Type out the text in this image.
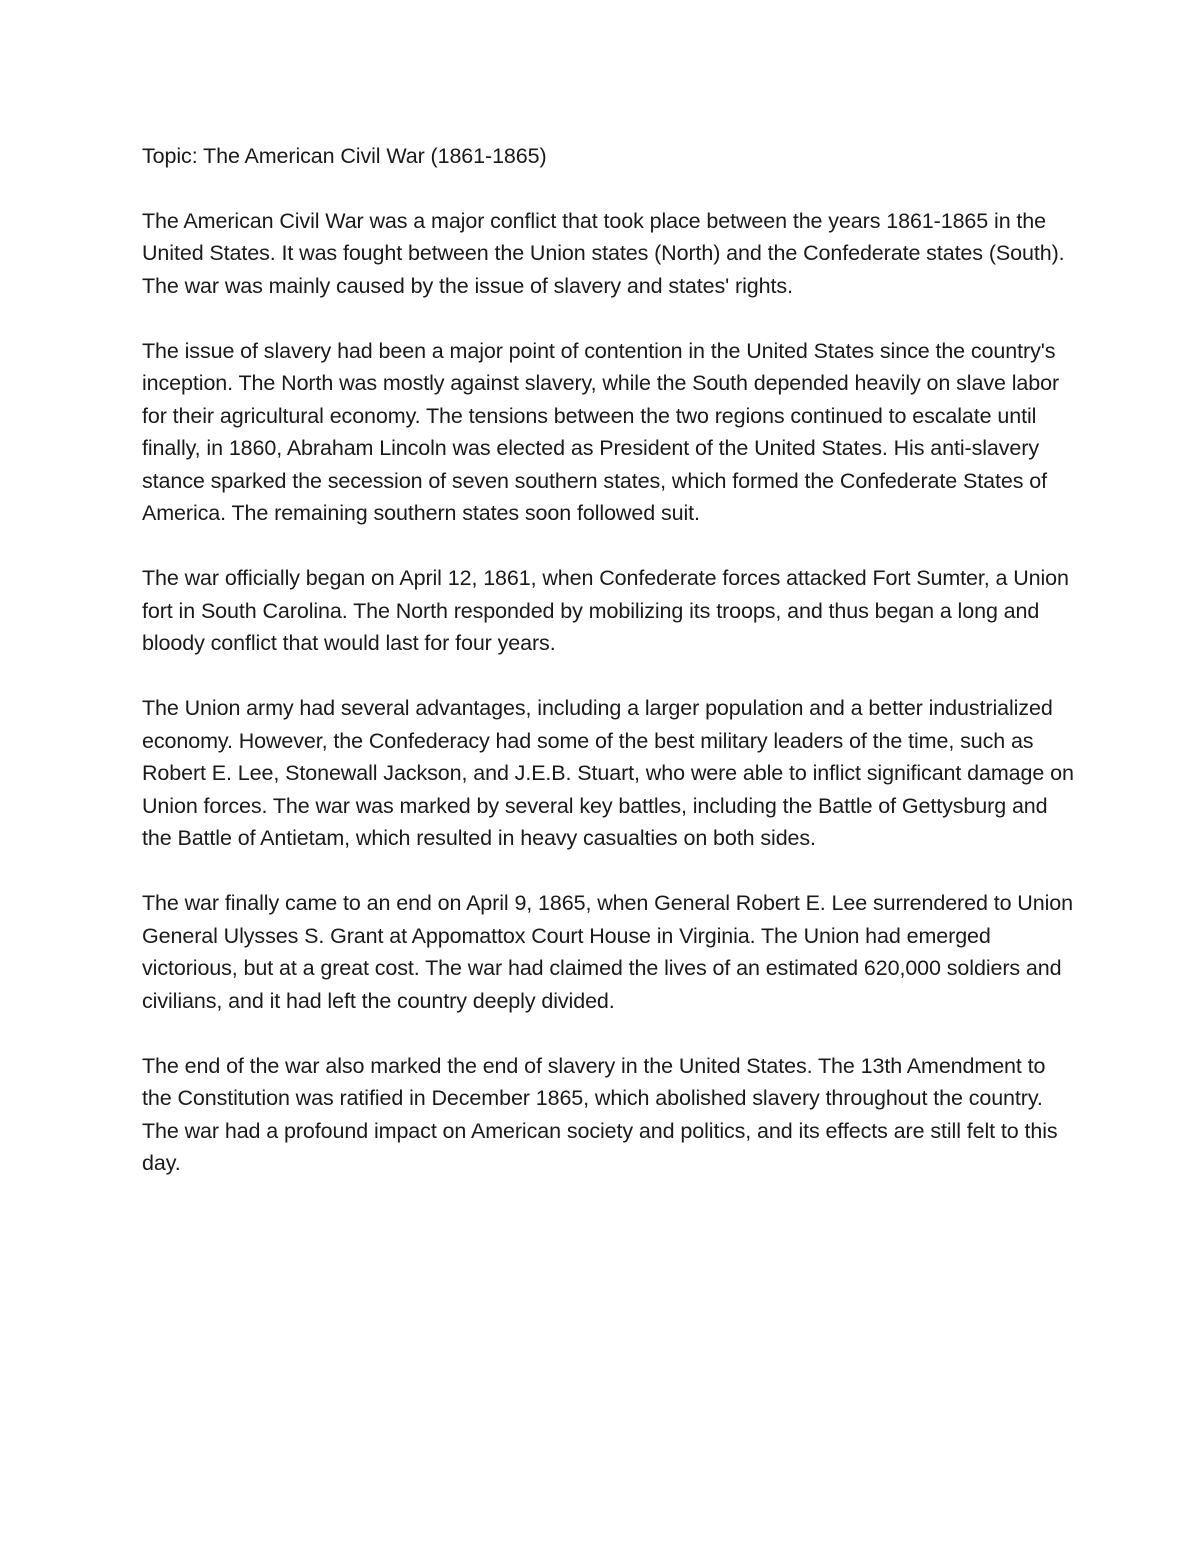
Topic: The American Civil War (1861-1865)

The American Civil War was a major conflict that took place between the years 1861-1865 in the United States. It was fought between the Union states (North) and the Confederate states (South). The war was mainly caused by the issue of slavery and states' rights.

The issue of slavery had been a major point of contention in the United States since the country's inception. The North was mostly against slavery, while the South depended heavily on slave labor for their agricultural economy. The tensions between the two regions continued to escalate until finally, in 1860, Abraham Lincoln was elected as President of the United States. His anti-slavery stance sparked the secession of seven southern states, which formed the Confederate States of America. The remaining southern states soon followed suit.

The war officially began on April 12, 1861, when Confederate forces attacked Fort Sumter, a Union fort in South Carolina. The North responded by mobilizing its troops, and thus began a long and bloody conflict that would last for four years.

The Union army had several advantages, including a larger population and a better industrialized economy. However, the Confederacy had some of the best military leaders of the time, such as Robert E. Lee, Stonewall Jackson, and J.E.B. Stuart, who were able to inflict significant damage on Union forces. The war was marked by several key battles, including the Battle of Gettysburg and the Battle of Antietam, which resulted in heavy casualties on both sides.

The war finally came to an end on April 9, 1865, when General Robert E. Lee surrendered to Union General Ulysses S. Grant at Appomattox Court House in Virginia. The Union had emerged victorious, but at a great cost. The war had claimed the lives of an estimated 620,000 soldiers and civilians, and it had left the country deeply divided.

The end of the war also marked the end of slavery in the United States. The 13th Amendment to the Constitution was ratified in December 1865, which abolished slavery throughout the country. The war had a profound impact on American society and politics, and its effects are still felt to this day.
